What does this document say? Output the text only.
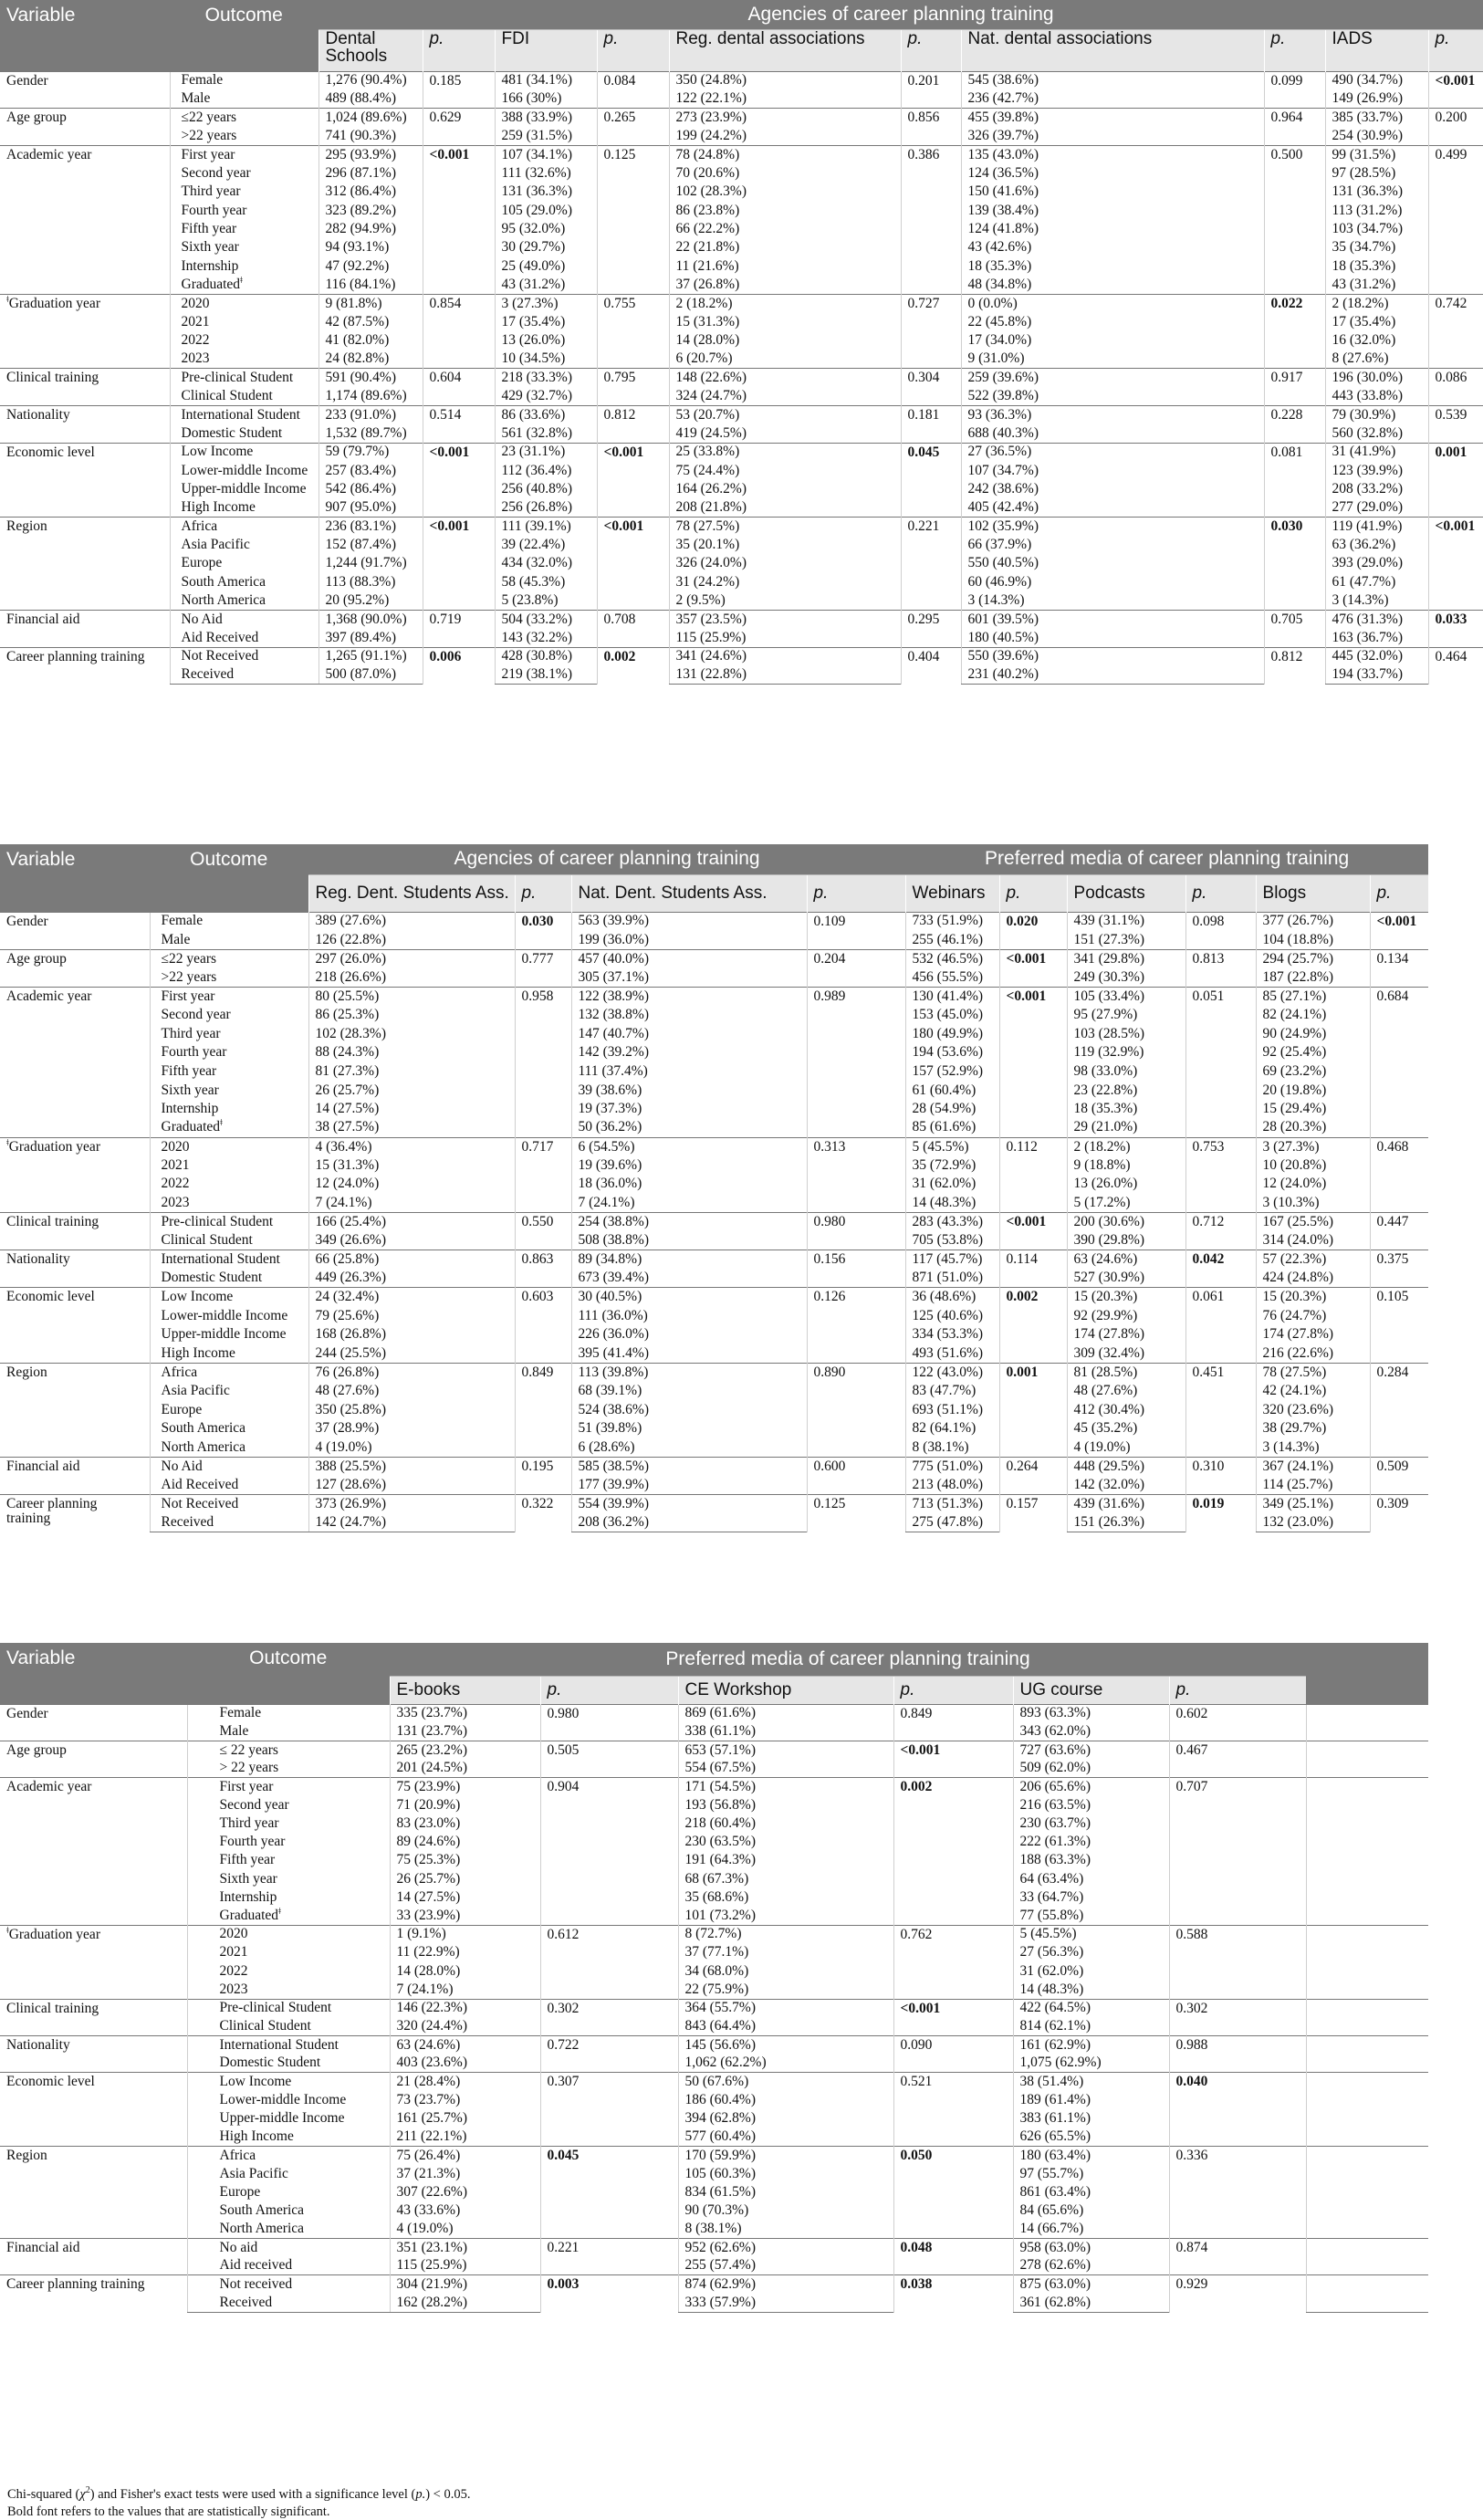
Variable	Outcome	Agencies of career planning training									
		Dental Schools	p.	FDI	p.	Reg. dental associations	p.	Nat. dental associations	p.	IADS	p.
Gender	Female	1,276 (90.4%)	0.185	481 (34.1%)	0.084	350 (24.8%)	0.201	545 (38.6%)	0.099	490 (34.7%)	<0.001
	Male	489 (88.4%)		166 (30%)		122 (22.1%)		236 (42.7%)		149 (26.9%)	
Age group	≤22 years	1,024 (89.6%)	0.629	388 (33.9%)	0.265	273 (23.9%)	0.856	455 (39.8%)	0.964	385 (33.7%)	0.200
	>22 years	741 (90.3%)		259 (31.5%)		199 (24.2%)		326 (39.7%)		254 (30.9%)	
Academic year	First year	295 (93.9%)	<0.001	107 (34.1%)	0.125	78 (24.8%)	0.386	135 (43.0%)	0.500	99 (31.5%)	0.499
	Second year	296 (87.1%)		111 (32.6%)		70 (20.6%)		124 (36.5%)		97 (28.5%)	
	Third year	312 (86.4%)		131 (36.3%)		102 (28.3%)		150 (41.6%)		131 (36.3%)	
	Fourth year	323 (89.2%)		105 (29.0%)		86 (23.8%)		139 (38.4%)		113 (31.2%)	
	Fifth year	282 (94.9%)		95 (32.0%)		66 (22.2%)		124 (41.8%)		103 (34.7%)	
	Sixth year	94 (93.1%)		30 (29.7%)		22 (21.8%)		43 (42.6%)		35 (34.7%)	
	Internship	47 (92.2%)		25 (49.0%)		11 (21.6%)		18 (35.3%)		18 (35.3%)	
	Graduated$^ǂ$	116 (84.1%)		43 (31.2%)		37 (26.8%)		48 (34.8%)		43 (31.2%)	
$^ǂ$Graduation year	2020	9 (81.8%)	0.854	3 (27.3%)	0.755	2 (18.2%)	0.727	0 (0.0%)	0.022	2 (18.2%)	0.742
	2021	42 (87.5%)		17 (35.4%)		15 (31.3%)		22 (45.8%)		17 (35.4%)	
	2022	41 (82.0%)		13 (26.0%)		14 (28.0%)		17 (34.0%)		16 (32.0%)	
	2023	24 (82.8%)		10 (34.5%)		6 (20.7%)		9 (31.0%)		8 (27.6%)	
Clinical training	Pre-clinical Student	591 (90.4%)	0.604	218 (33.3%)	0.795	148 (22.6%)	0.304	259 (39.6%)	0.917	196 (30.0%)	0.086
	Clinical Student	1,174 (89.6%)		429 (32.7%)		324 (24.7%)		522 (39.8%)		443 (33.8%)	
Nationality	International Student	233 (91.0%)	0.514	86 (33.6%)	0.812	53 (20.7%)	0.181	93 (36.3%)	0.228	79 (30.9%)	0.539
	Domestic Student	1,532 (89.7%)		561 (32.8%)		419 (24.5%)		688 (40.3%)		560 (32.8%)	
Economic level	Low Income	59 (79.7%)	<0.001	23 (31.1%)	<0.001	25 (33.8%)	0.045	27 (36.5%)	0.081	31 (41.9%)	0.001
	Lower-middle Income	257 (83.4%)		112 (36.4%)		75 (24.4%)		107 (34.7%)		123 (39.9%)	
	Upper-middle Income	542 (86.4%)		256 (40.8%)		164 (26.2%)		242 (38.6%)		208 (33.2%)	
	High Income	907 (95.0%)		256 (26.8%)		208 (21.8%)		405 (42.4%)		277 (29.0%)	
Region	Africa	236 (83.1%)	<0.001	111 (39.1%)	<0.001	78 (27.5%)	0.221	102 (35.9%)	0.030	119 (41.9%)	<0.001
	Asia Pacific	152 (87.4%)		39 (22.4%)		35 (20.1%)		66 (37.9%)		63 (36.2%)	
	Europe	1,244 (91.7%)		434 (32.0%)		326 (24.0%)		550 (40.5%)		393 (29.0%)	
	South America	113 (88.3%)		58 (45.3%)		31 (24.2%)		60 (46.9%)		61 (47.7%)	
	North America	20 (95.2%)		5 (23.8%)		2 (9.5%)		3 (14.3%)		3 (14.3%)	
Financial aid	No Aid	1,368 (90.0%)	0.719	504 (33.2%)	0.708	357 (23.5%)	0.295	601 (39.5%)	0.705	476 (31.3%)	0.033
	Aid Received	397 (89.4%)		143 (32.2%)		115 (25.9%)		180 (40.5%)		163 (36.7%)	
Career planning training	Not Received	1,265 (91.1%)	0.006	428 (30.8%)	0.002	341 (24.6%)	0.404	550 (39.6%)	0.812	445 (32.0%)	0.464
	Received	500 (87.0%)		219 (38.1%)		131 (22.8%)		231 (40.2%)		194 (33.7%)	
Variable	Outcome	Agencies of career planning training				Preferred media of career planning training					
		Reg. Dent. Students Ass.	p.	Nat. Dent. Students Ass.	p.	Webinars	p.	Podcasts	p.	Blogs	p.
Gender	Female	389 (27.6%)	0.030	563 (39.9%)	0.109	733 (51.9%)	0.020	439 (31.1%)	0.098	377 (26.7%)	<0.001
	Male	126 (22.8%)		199 (36.0%)		255 (46.1%)		151 (27.3%)		104 (18.8%)	
Age group	≤22 years	297 (26.0%)	0.777	457 (40.0%)	0.204	532 (46.5%)	<0.001	341 (29.8%)	0.813	294 (25.7%)	0.134
	>22 years	218 (26.6%)		305 (37.1%)		456 (55.5%)		249 (30.3%)		187 (22.8%)	
Academic year	First year	80 (25.5%)	0.958	122 (38.9%)	0.989	130 (41.4%)	<0.001	105 (33.4%)	0.051	85 (27.1%)	0.684
	Second year	86 (25.3%)		132 (38.8%)		153 (45.0%)		95 (27.9%)		82 (24.1%)	
	Third year	102 (28.3%)		147 (40.7%)		180 (49.9%)		103 (28.5%)		90 (24.9%)	
	Fourth year	88 (24.3%)		142 (39.2%)		194 (53.6%)		119 (32.9%)		92 (25.4%)	
	Fifth year	81 (27.3%)		111 (37.4%)		157 (52.9%)		98 (33.0%)		69 (23.2%)	
	Sixth year	26 (25.7%)		39 (38.6%)		61 (60.4%)		23 (22.8%)		20 (19.8%)	
	Internship	14 (27.5%)		19 (37.3%)		28 (54.9%)		18 (35.3%)		15 (29.4%)	
	Graduated$^ǂ$	38 (27.5%)		50 (36.2%)		85 (61.6%)		29 (21.0%)		28 (20.3%)	
$^ǂ$Graduation year	2020	4 (36.4%)	0.717	6 (54.5%)	0.313	5 (45.5%)	0.112	2 (18.2%)	0.753	3 (27.3%)	0.468
	2021	15 (31.3%)		19 (39.6%)		35 (72.9%)		9 (18.8%)		10 (20.8%)	
	2022	12 (24.0%)		18 (36.0%)		31 (62.0%)		13 (26.0%)		12 (24.0%)	
	2023	7 (24.1%)		7 (24.1%)		14 (48.3%)		5 (17.2%)		3 (10.3%)	
Clinical training	Pre-clinical Student	166 (25.4%)	0.550	254 (38.8%)	0.980	283 (43.3%)	<0.001	200 (30.6%)	0.712	167 (25.5%)	0.447
	Clinical Student	349 (26.6%)		508 (38.8%)		705 (53.8%)		390 (29.8%)		314 (24.0%)	
Nationality	International Student	66 (25.8%)	0.863	89 (34.8%)	0.156	117 (45.7%)	0.114	63 (24.6%)	0.042	57 (22.3%)	0.375
	Domestic Student	449 (26.3%)		673 (39.4%)		871 (51.0%)		527 (30.9%)		424 (24.8%)	
Economic level	Low Income	24 (32.4%)	0.603	30 (40.5%)	0.126	36 (48.6%)	0.002	15 (20.3%)	0.061	15 (20.3%)	0.105
	Lower-middle Income	79 (25.6%)		111 (36.0%)		125 (40.6%)		92 (29.9%)		76 (24.7%)	
	Upper-middle Income	168 (26.8%)		226 (36.0%)		334 (53.3%)		174 (27.8%)		174 (27.8%)	
	High Income	244 (25.5%)		395 (41.4%)		493 (51.6%)		309 (32.4%)		216 (22.6%)	
Region	Africa	76 (26.8%)	0.849	113 (39.8%)	0.890	122 (43.0%)	0.001	81 (28.5%)	0.451	78 (27.5%)	0.284
	Asia Pacific	48 (27.6%)		68 (39.1%)		83 (47.7%)		48 (27.6%)		42 (24.1%)	
	Europe	350 (25.8%)		524 (38.6%)		693 (51.1%)		412 (30.4%)		320 (23.6%)	
	South America	37 (28.9%)		51 (39.8%)		82 (64.1%)		45 (35.2%)		38 (29.7%)	
	North America	4 (19.0%)		6 (28.6%)		8 (38.1%)		4 (19.0%)		3 (14.3%)	
Financial aid	No Aid	388 (25.5%)	0.195	585 (38.5%)	0.600	775 (51.0%)	0.264	448 (29.5%)	0.310	367 (24.1%)	0.509
	Aid Received	127 (28.6%)		177 (39.9%)		213 (48.0%)		142 (32.0%)		114 (25.7%)	
Career planning training	Not Received	373 (26.9%)	0.322	554 (39.9%)	0.125	713 (51.3%)	0.157	439 (31.6%)	0.019	349 (25.1%)	0.309
	Received	142 (24.7%)		208 (36.2%)		275 (47.8%)		151 (26.3%)		132 (23.0%)	
Variable	Outcome	Preferred media of career planning training						
		E-books	p.	CE Workshop	p.	UG course	p.	
Gender	Female	335 (23.7%)	0.980	869 (61.6%)	0.849	893 (63.3%)	0.602	
	Male	131 (23.7%)		338 (61.1%)		343 (62.0%)		
Age group	≤ 22 years	265 (23.2%)	0.505	653 (57.1%)	<0.001	727 (63.6%)	0.467	
	> 22 years	201 (24.5%)		554 (67.5%)		509 (62.0%)		
Academic year	First year	75 (23.9%)	0.904	171 (54.5%)	0.002	206 (65.6%)	0.707	
	Second year	71 (20.9%)		193 (56.8%)		216 (63.5%)		
	Third year	83 (23.0%)		218 (60.4%)		230 (63.7%)		
	Fourth year	89 (24.6%)		230 (63.5%)		222 (61.3%)		
	Fifth year	75 (25.3%)		191 (64.3%)		188 (63.3%)		
	Sixth year	26 (25.7%)		68 (67.3%)		64 (63.4%)		
	Internship	14 (27.5%)		35 (68.6%)		33 (64.7%)		
	Graduated$^ǂ$	33 (23.9%)		101 (73.2%)		77 (55.8%)		
$^ǂ$Graduation year	2020	1 (9.1%)	0.612	8 (72.7%)	0.762	5 (45.5%)	0.588	
	2021	11 (22.9%)		37 (77.1%)		27 (56.3%)		
	2022	14 (28.0%)		34 (68.0%)		31 (62.0%)		
	2023	7 (24.1%)		22 (75.9%)		14 (48.3%)		
Clinical training	Pre-clinical Student	146 (22.3%)	0.302	364 (55.7%)	<0.001	422 (64.5%)	0.302	
	Clinical Student	320 (24.4%)		843 (64.4%)		814 (62.1%)		
Nationality	International Student	63 (24.6%)	0.722	145 (56.6%)	0.090	161 (62.9%)	0.988	
	Domestic Student	403 (23.6%)		1,062 (62.2%)		1,075 (62.9%)		
Economic level	Low Income	21 (28.4%)	0.307	50 (67.6%)	0.521	38 (51.4%)	0.040	
	Lower-middle Income	73 (23.7%)		186 (60.4%)		189 (61.4%)		
	Upper-middle Income	161 (25.7%)		394 (62.8%)		383 (61.1%)		
	High Income	211 (22.1%)		577 (60.4%)		626 (65.5%)		
Region	Africa	75 (26.4%)	0.045	170 (59.9%)	0.050	180 (63.4%)	0.336	
	Asia Pacific	37 (21.3%)		105 (60.3%)		97 (55.7%)		
	Europe	307 (22.6%)		834 (61.5%)		861 (63.4%)		
	South America	43 (33.6%)		90 (70.3%)		84 (65.6%)		
	North America	4 (19.0%)		8 (38.1%)		14 (66.7%)		
Financial aid	No aid	351 (23.1%)	0.221	952 (62.6%)	0.048	958 (63.0%)	0.874	
	Aid received	115 (25.9%)		255 (57.4%)		278 (62.6%)		
Career planning training	Not received	304 (21.9%)	0.003	874 (62.9%)	0.038	875 (63.0%)	0.929	
	Received	162 (28.2%)		333 (57.9%)		361 (62.8%)		
Chi-squared $(\chi^2)$ and Fisher's exact tests were used with a significance level (p.) < 0.05.
Bold font refers to the values that are statistically significant.
